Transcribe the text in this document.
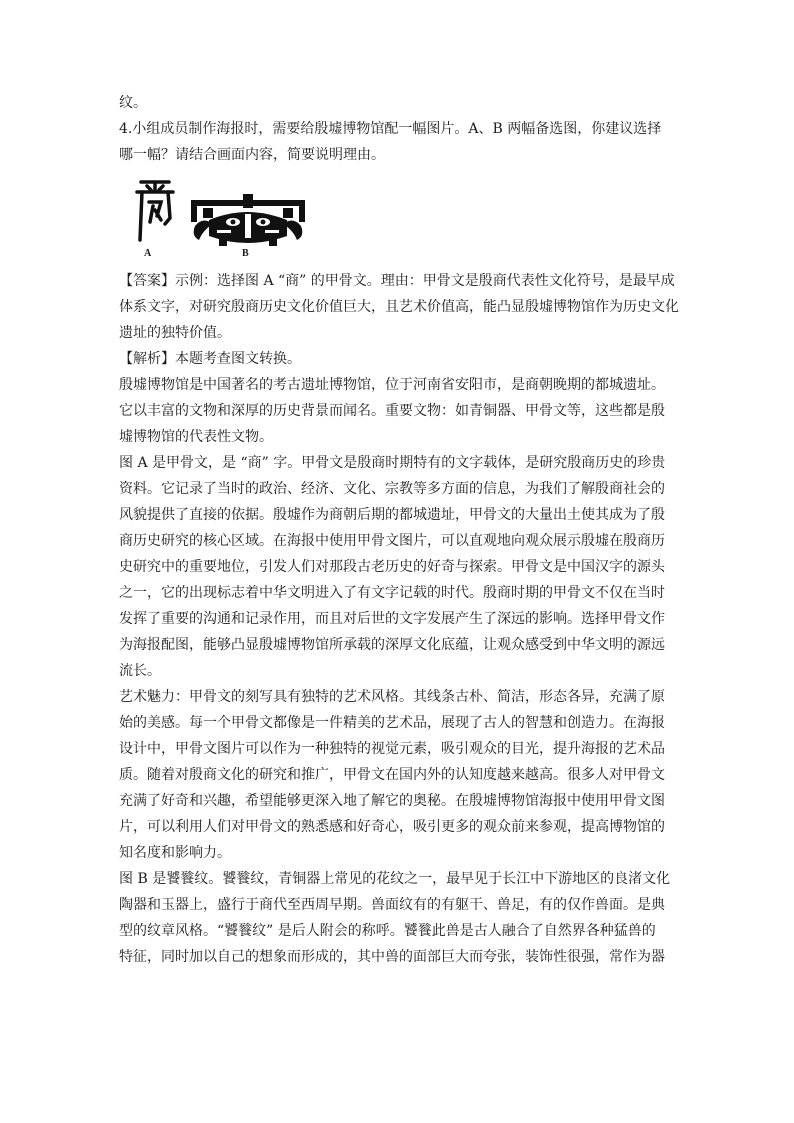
纹。
4.小组成员制作海报时，需要给殷墟博物馆配一幅图片。A、B 两幅备选图，你建议选择
哪一幅？请结合画面内容，简要说明理由。
A	B
【答案】示例：选择图 A “商” 的甲骨文。理由：甲骨文是殷商代表性文化符号，是最早成
体系文字，对研究殷商历史文化价值巨大，且艺术价值高，能凸显殷墟博物馆作为历史文化
遗址的独特价值。
【解析】本题考查图文转换。
殷墟博物馆是中国著名的考古遗址博物馆，位于河南省安阳市，是商朝晚期的都城遗址。
它以丰富的文物和深厚的历史背景而闻名。重要文物：如青铜器、甲骨文等，这些都是殷
墟博物馆的代表性文物。
图 A 是甲骨文，是 “商” 字。甲骨文是殷商时期特有的文字载体，是研究殷商历史的珍贵
资料。它记录了当时的政治、经济、文化、宗教等多方面的信息，为我们了解殷商社会的
风貌提供了直接的依据。殷墟作为商朝后期的都城遗址，甲骨文的大量出土使其成为了殷
商历史研究的核心区域。在海报中使用甲骨文图片，可以直观地向观众展示殷墟在殷商历
史研究中的重要地位，引发人们对那段古老历史的好奇与探索。甲骨文是中国汉字的源头
之一，它的出现标志着中华文明进入了有文字记载的时代。殷商时期的甲骨文不仅在当时
发挥了重要的沟通和记录作用，而且对后世的文字发展产生了深远的影响。选择甲骨文作
为海报配图，能够凸显殷墟博物馆所承载的深厚文化底蕴，让观众感受到中华文明的源远
流长。
艺术魅力：甲骨文的刻写具有独特的艺术风格。其线条古朴、简洁，形态各异，充满了原
始的美感。每一个甲骨文都像是一件精美的艺术品，展现了古人的智慧和创造力。在海报
设计中，甲骨文图片可以作为一种独特的视觉元素，吸引观众的目光，提升海报的艺术品
质。随着对殷商文化的研究和推广，甲骨文在国内外的认知度越来越高。很多人对甲骨文
充满了好奇和兴趣，希望能够更深入地了解它的奥秘。在殷墟博物馆海报中使用甲骨文图
片，可以利用人们对甲骨文的熟悉感和好奇心，吸引更多的观众前来参观，提高博物馆的
知名度和影响力。
图 B 是饕餮纹。饕餮纹，青铜器上常见的花纹之一，最早见于长江中下游地区的良渚文化
陶器和玉器上，盛行于商代至西周早期。兽面纹有的有躯干、兽足，有的仅作兽面。是典
型的纹章风格。“饕餮纹” 是后人附会的称呼。饕餮此兽是古人融合了自然界各种猛兽的
特征，同时加以自己的想象而形成的，其中兽的面部巨大而夸张，装饰性很强，常作为器
